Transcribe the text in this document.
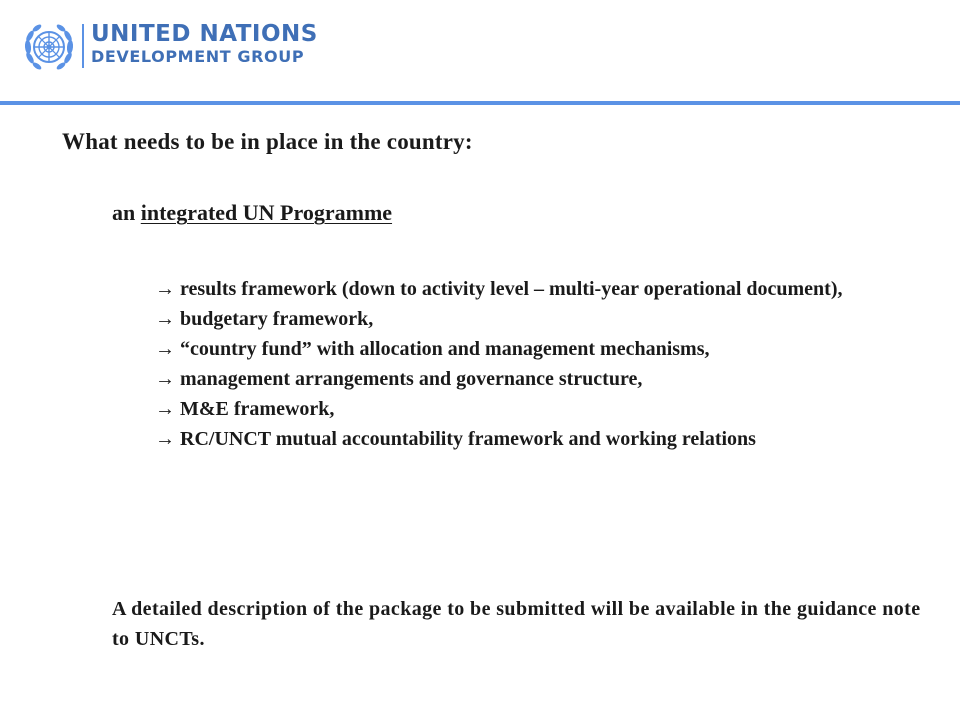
UNITED NATIONS
DEVELOPMENT GROUP
What needs to be in place in the country:

an integrated UN Programme

→ results framework (down to activity level – multi-year operational document),
→ budgetary framework,
→ “country fund” with allocation and management mechanisms,
→ management arrangements and governance structure,
→ M&E framework,
→ RC/UNCT mutual accountability framework and working relations

A detailed description of the package to be submitted will be available in the guidance note to UNCTs.
